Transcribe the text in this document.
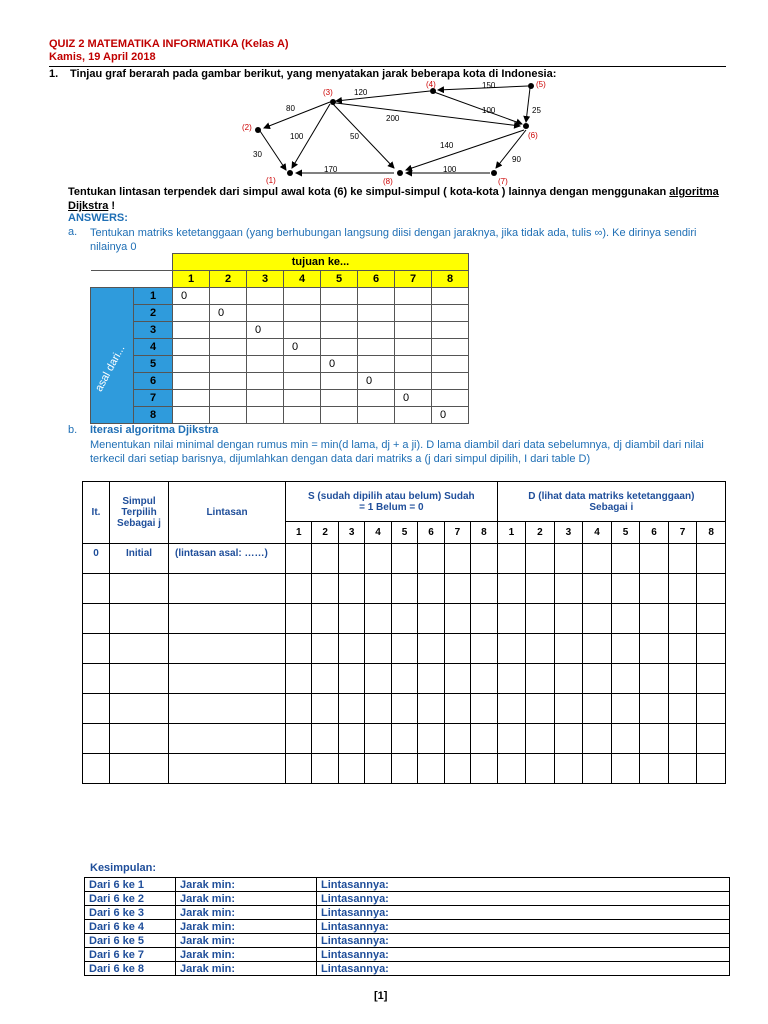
QUIZ 2 MATEMATIKA INFORMATIKA (Kelas A)
Kamis, 19 April 2018
1. Tinjau graf berarah pada gambar berikut, yang menyatakan jarak beberapa kota di Indonesia:
(1)
(2)
(3)
(4)	(5)
(6)
(7)
(8)
80
120
150
25
100
30
100	50
200
140
170	100
90
Tentukan lintasan terpendek dari simpul awal kota (6) ke simpul-simpul ( kota-kota ) lainnya dengan menggunakan algoritma Dijkstra !
ANSWERS:
a. Tentukan matriks ketetanggaan (yang berhubungan langsung diisi dengan jaraknya, jika tidak ada, tulis ∞). Ke dirinya sendiri nilainya 0
		tujuan ke...							
		1	2	3	4	5	6	7	8

asal dari...	1	0							
	2		0						
	3			0					
	4				0				
	5					0			
	6						0		
	7							0	
	8								0
b. Iterasi algoritma Djikstra
Menentukan nilai minimal dengan rumus min = min(d lama, dj + a ji). D lama diambil dari data sebelumnya, dj diambil dari nilai terkecil dari setiap barisnya, dijumlahkan dengan data dari matriks a (j dari simpul dipilih, I dari table D)
It.	Simpul Terpilih Sebagai j	Lintasan	S (sudah dipilih atau belum) Sudah = 1 Belum = 0								D (lihat data matriks ketetanggaan) Sebagai i							
			1	2	3	4	5	6	7	8	1	2	3	4	5	6	7	8
0	Initial	(lintasan asal: ……)																

Kesimpulan:
Dari 6 ke 1	Jarak min:	Lintasannya:
Dari 6 ke 2	Jarak min:	Lintasannya:
Dari 6 ke 3	Jarak min:	Lintasannya:
Dari 6 ke 4	Jarak min:	Lintasannya:
Dari 6 ke 5	Jarak min:	Lintasannya:
Dari 6 ke 7	Jarak min:	Lintasannya:
Dari 6 ke 8	Jarak min:	Lintasannya:
[1]
